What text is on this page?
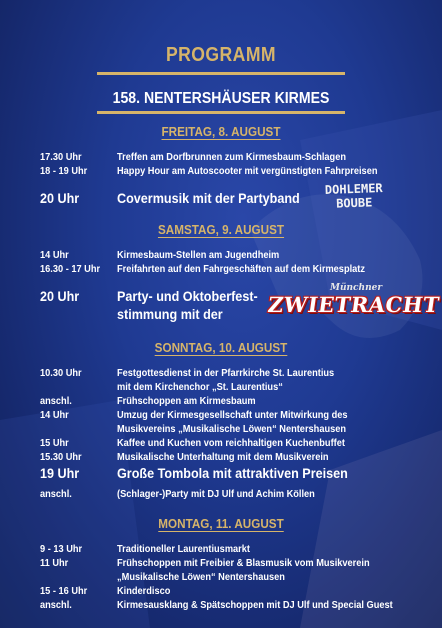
PROGRAMM
158. NENTERSHÄUSER KIRMES
FREITAG, 8. AUGUST
17.30 Uhr	Treffen am Dorfbrunnen zum Kirmesbaum-Schlagen
18 - 19 Uhr	Happy Hour am Autoscooter mit vergünstigten Fahrpreisen
20 Uhr	Covermusik mit der Partyband
DOHLEMER
BOUBE
SAMSTAG, 9. AUGUST
14 Uhr	Kirmesbaum-Stellen am Jugendheim
16.30 - 17 Uhr Freifahrten auf den Fahrgeschäften auf dem Kirmesplatz
20 Uhr	Party- und Oktoberfest-
stimmung mit der
Münchner
ZWIETRACHT
SONNTAG, 10. AUGUST
10.30 Uhr	Festgottesdienst in der Pfarrkirche St. Laurentius
mit dem Kirchenchor „St. Laurentius“
anschl.	Frühschoppen am Kirmesbaum
14 Uhr	Umzug der Kirmesgesellschaft unter Mitwirkung des
Musikvereins „Musikalische Löwen“ Nentershausen
15 Uhr	Kaffee und Kuchen vom reichhaltigen Kuchenbuffet
15.30 Uhr	Musikalische Unterhaltung mit dem Musikverein
19 Uhr	Große Tombola mit attraktiven Preisen
anschl.	(Schlager-)Party mit DJ Ulf und Achim Köllen
MONTAG, 11. AUGUST
9 - 13 Uhr	Traditioneller Laurentiusmarkt
11 Uhr	Frühschoppen mit Freibier & Blasmusik vom Musikverein
„Musikalische Löwen“ Nentershausen
15 - 16 Uhr	Kinderdisco
anschl.	Kirmesausklang & Spätschoppen mit DJ Ulf und Special Guest
